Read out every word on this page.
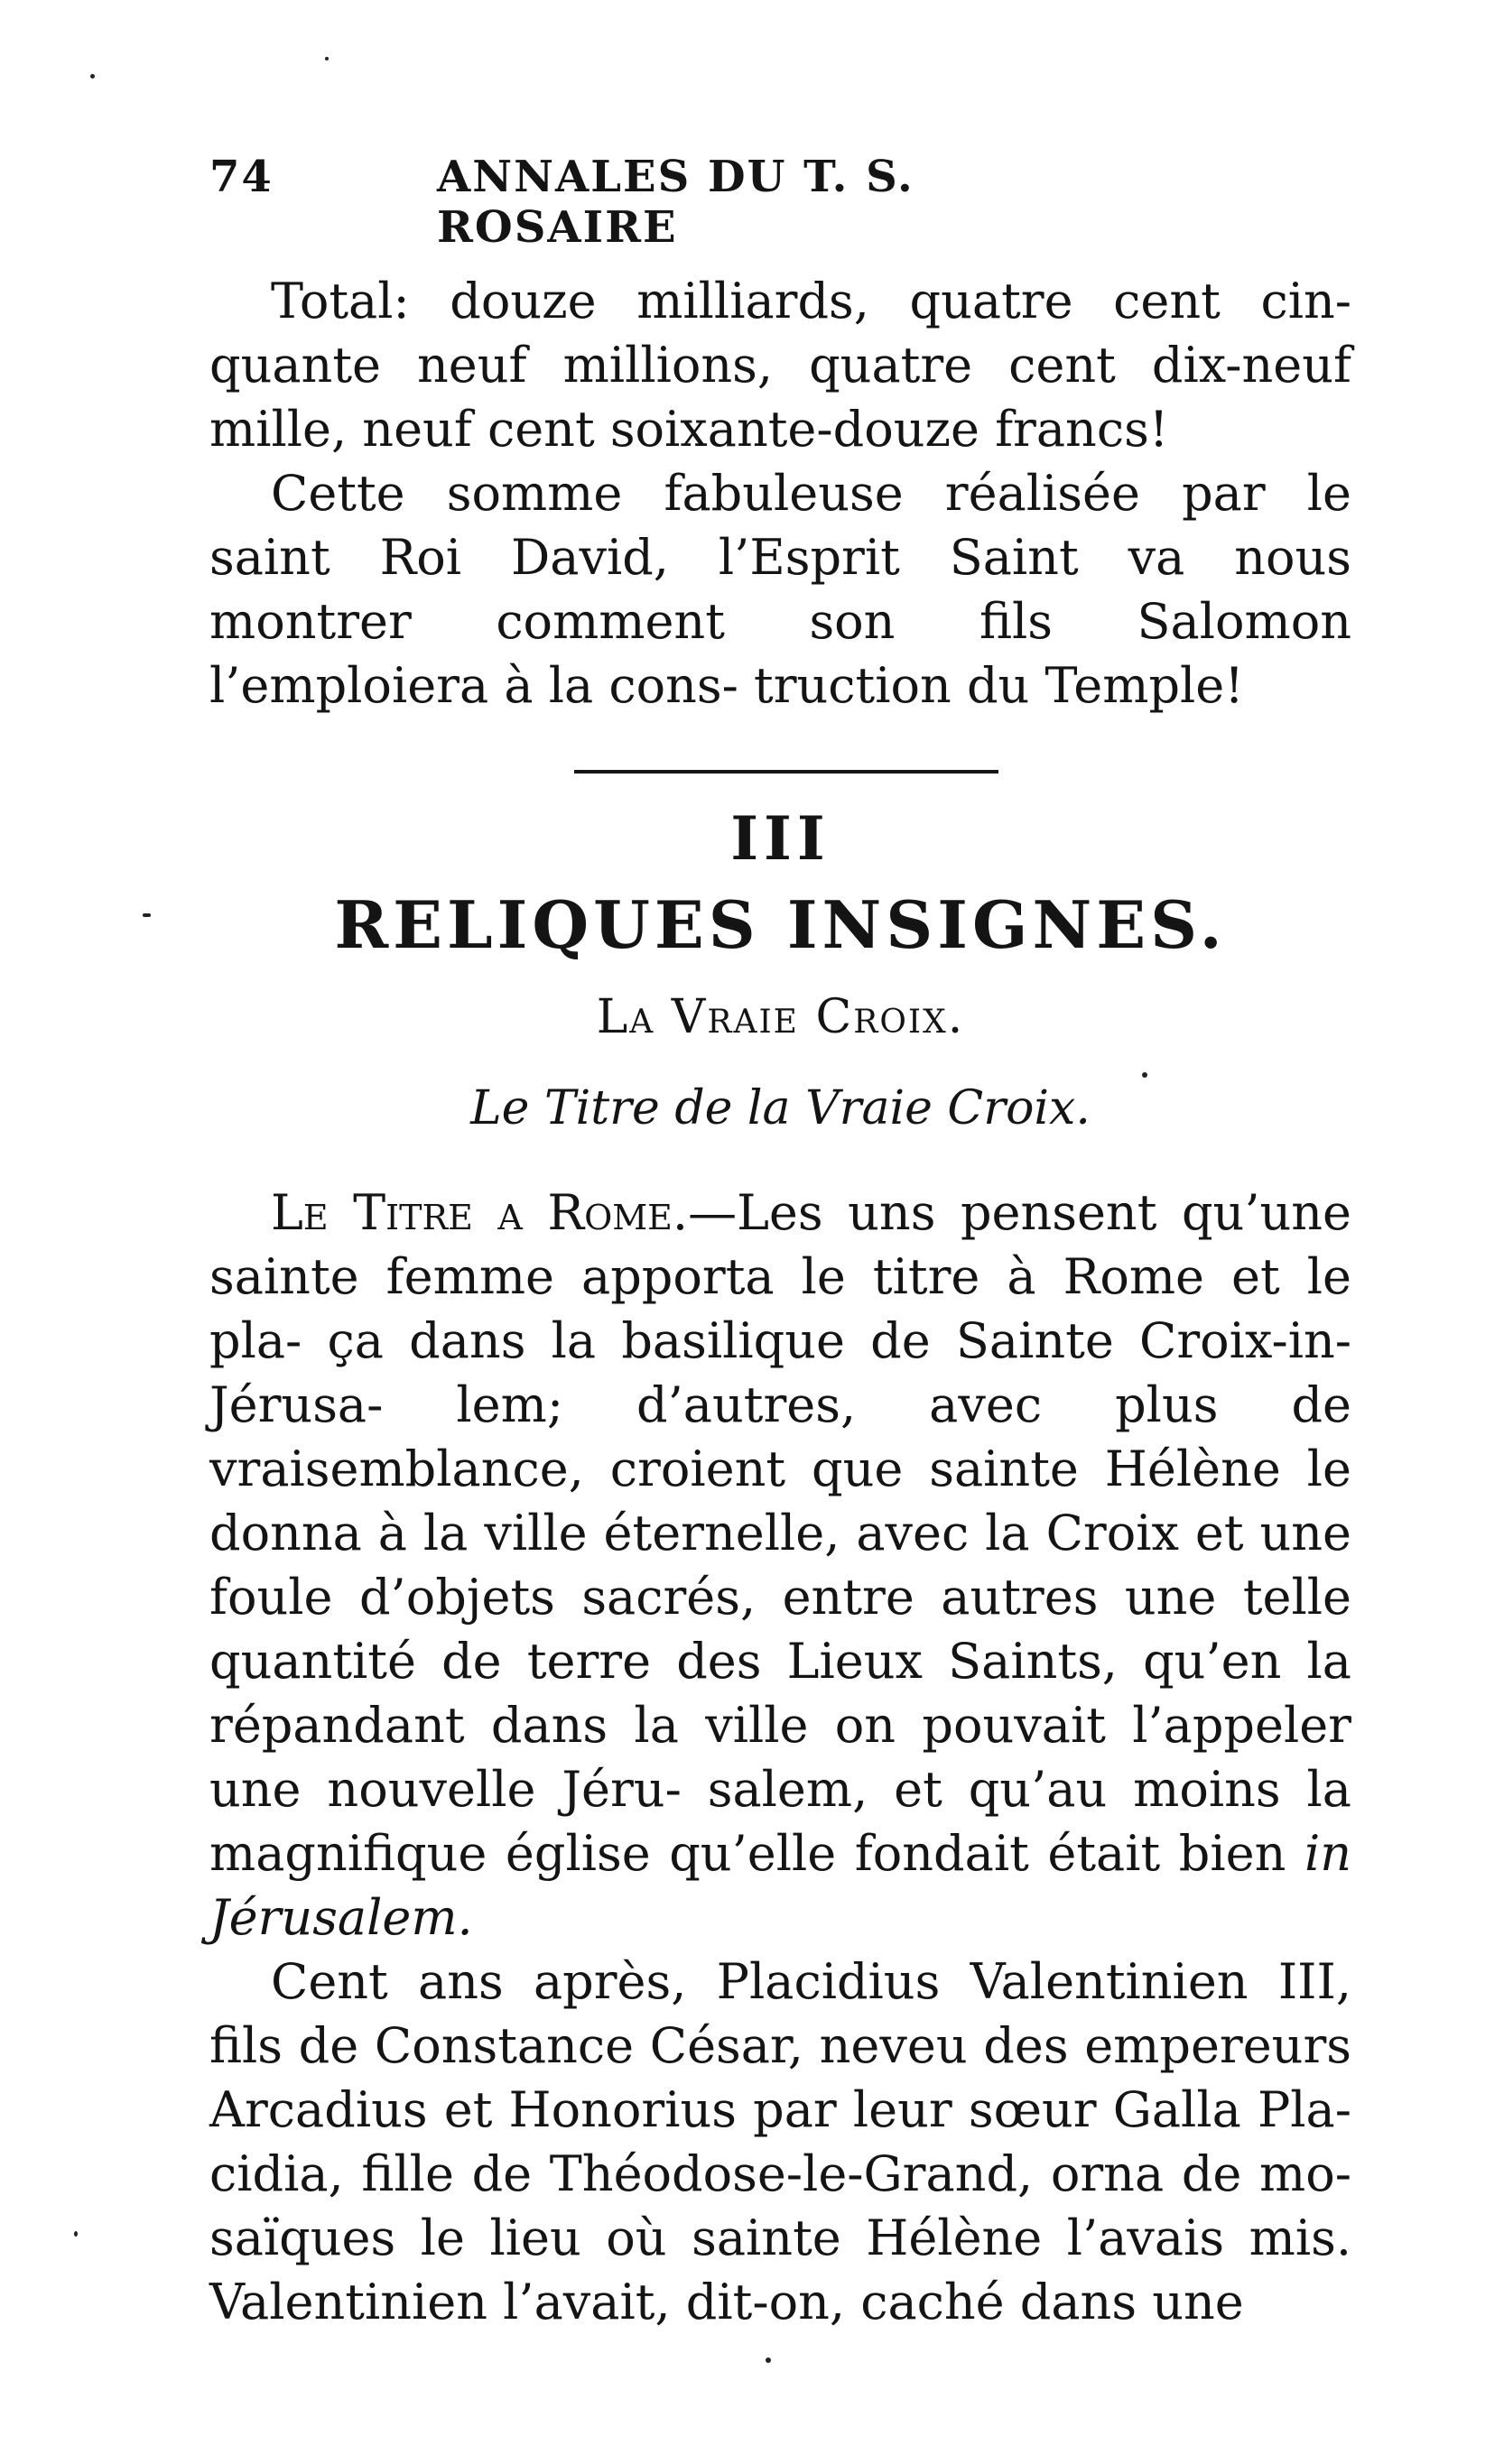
74	ANNALES DU T. S. ROSAIRE

Total: douze milliards, quatre cent cin- quante neuf millions, quatre cent dix-neuf mille, neuf cent soixante-douze francs!

Cette somme fabuleuse réalisée par le saint Roi David, l’Esprit Saint va nous montrer comment son fils Salomon l’emploiera à la cons- truction du Temple!

III
RELIQUES INSIGNES.
La Vraie Croix.
Le Titre de la Vraie Croix.

Le Titre a Rome.—Les uns pensent qu’une sainte femme apporta le titre à Rome et le pla- ça dans la basilique de Sainte Croix-in-Jérusa- lem; d’autres, avec plus de vraisemblance, croient que sainte Hélène le donna à la ville éternelle, avec la Croix et une foule d’objets sacrés, entre autres une telle quantité de terre des Lieux Saints, qu’en la répandant dans la ville on pouvait l’appeler une nouvelle Jéru- salem, et qu’au moins la magnifique église qu’elle fondait était bien in Jérusalem.

Cent ans après, Placidius Valentinien III, fils de Constance César, neveu des empereurs Arcadius et Honorius par leur sœur Galla Pla- cidia, fille de Théodose-le-Grand, orna de mo- saïques le lieu où sainte Hélène l’avais mis. Valentinien l’avait, dit-on, caché dans une
